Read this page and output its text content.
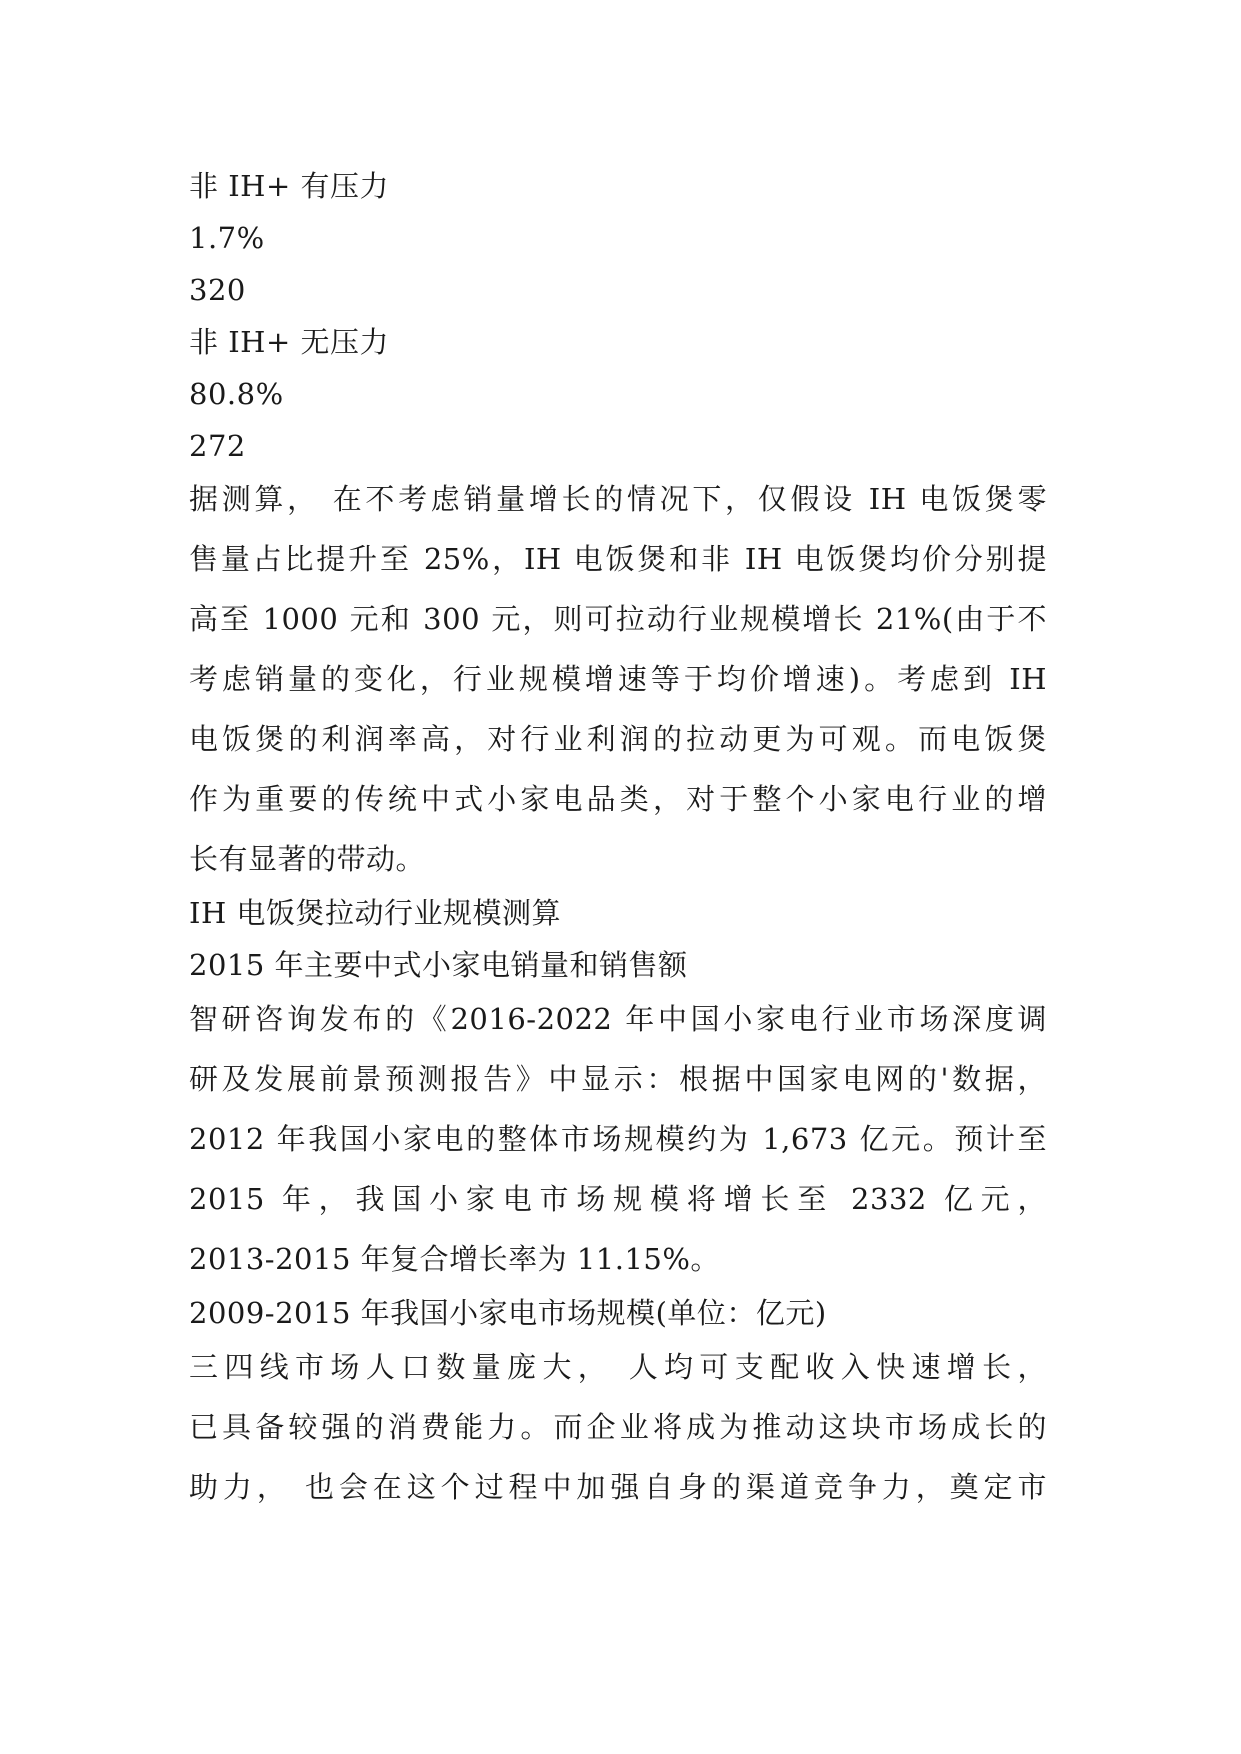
非 IH+ 有压力
1.7%
320
非 IH+ 无压力
80.8%
272
据测算， 在不考虑销量增长的情况下，仅假设 IH 电饭煲零
售量占比提升至 25%，IH 电饭煲和非 IH 电饭煲均价分别提
高至 1000 元和 300 元，则可拉动行业规模增长 21%(由于不
考虑销量的变化，行业规模增速等于均价增速)。考虑到 IH
电饭煲的利润率高，对行业利润的拉动更为可观。而电饭煲
作为重要的传统中式小家电品类，对于整个小家电行业的增
长有显著的带动。
IH 电饭煲拉动行业规模测算
2015 年主要中式小家电销量和销售额
智研咨询发布的《2016-2022 年中国小家电行业市场深度调
研及发展前景预测报告》中显示：根据中国家电网的'数据，
2012 年我国小家电的整体市场规模约为 1,673 亿元。预计至
2015 年，我国小家电市场规模将增长至 2332 亿元，
2013-2015 年复合增长率为 11.15%。
2009-2015 年我国小家电市场规模(单位：亿元)
三四线市场人口数量庞大， 人均可支配收入快速增长，
已具备较强的消费能力。而企业将成为推动这块市场成长的
助力， 也会在这个过程中加强自身的渠道竞争力，奠定市
